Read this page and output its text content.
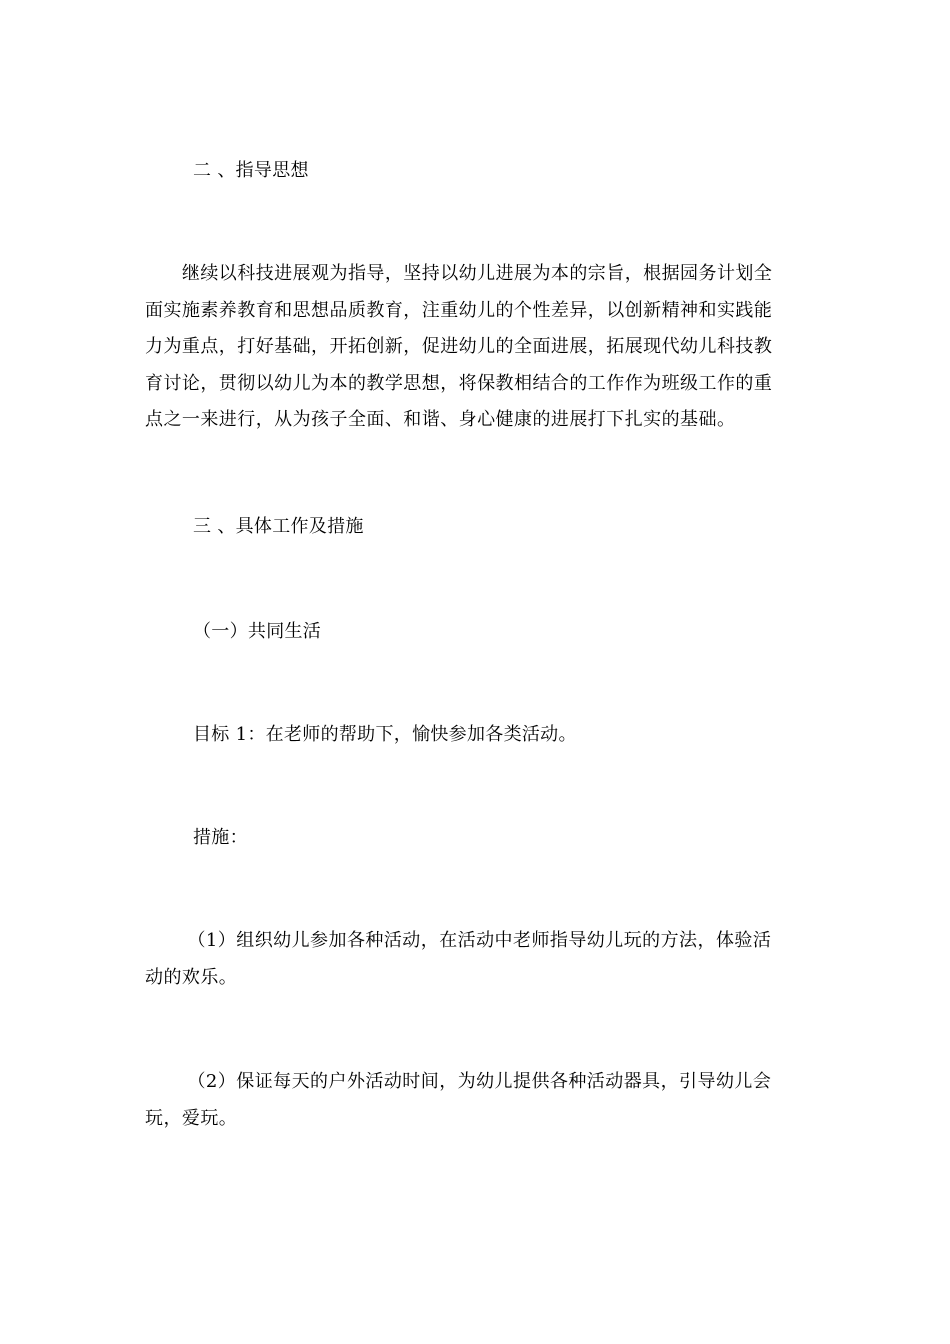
二 、指导思想
　　继续以科技进展观为指导，坚持以幼儿进展为本的宗旨，根据园务计划全
面实施素养教育和思想品质教育，注重幼儿的个性差异，以创新精神和实践能
力为重点，打好基础，开拓创新，促进幼儿的全面进展，拓展现代幼儿科技教
育讨论，贯彻以幼儿为本的教学思想，将保教相结合的工作作为班级工作的重
点之一来进行，从为孩子全面、和谐、身心健康的进展打下扎实的基础。
三 、具体工作及措施
（一）共同生活
目标 1：在老师的帮助下，愉快参加各类活动。
措施：
　（1）组织幼儿参加各种活动，在活动中老师指导幼儿玩的方法，体验活
动的欢乐。
　（2）保证每天的户外活动时间，为幼儿提供各种活动器具，引导幼儿会
玩，爱玩。
